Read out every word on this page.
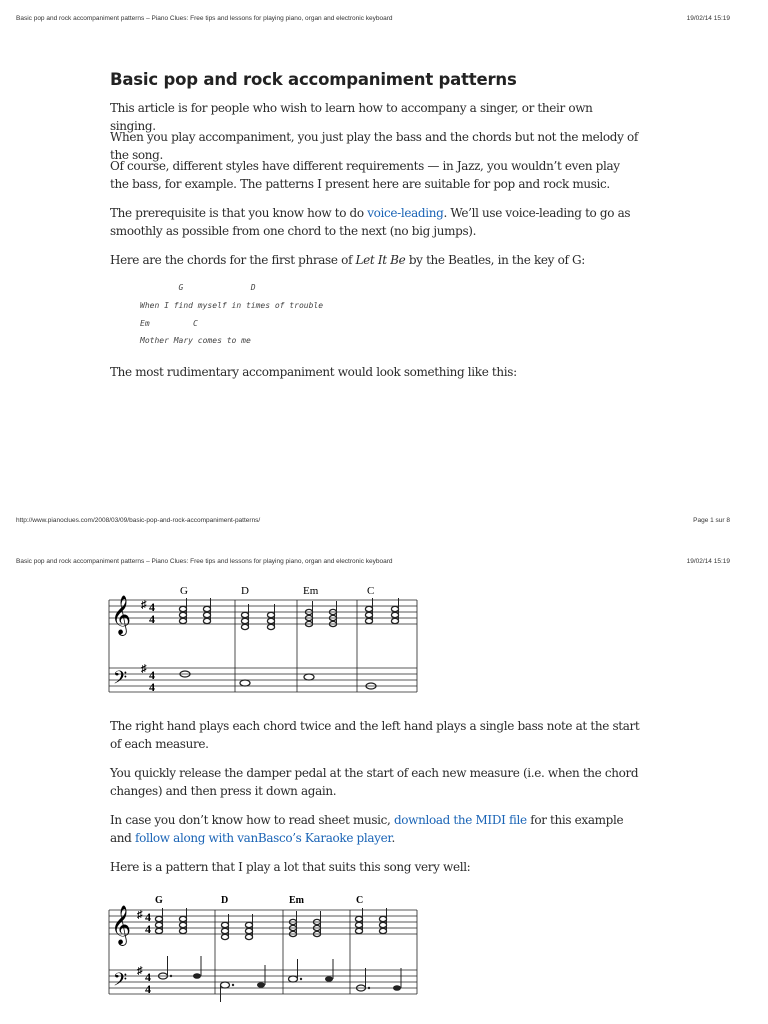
Basic pop and rock accompaniment patterns – Piano Clues: Free tips and lessons for playing piano, organ and electronic keyboard	19/02/14 15:19
Basic pop and rock accompaniment patterns

This article is for people who wish to learn how to accompany a singer, or their own singing.

When you play accompaniment, you just play the bass and the chords but not the melody of the song.

Of course, different styles have different requirements — in Jazz, you wouldn’t even play the bass, for example. The patterns I present here are suitable for pop and rock music.

The prerequisite is that you know how to do voice-leading. We’ll use voice-leading to go as smoothly as possible from one chord to the next (no big jumps).

Here are the chords for the first phrase of Let It Be by the Beatles, in the key of G:

G              D
When I find myself in times of trouble
Em         C
Mother Mary comes to me

The most rudimentary accompaniment would look something like this:

http://www.pianoclues.com/2008/03/09/basic-pop-and-rock-accompaniment-patterns/	Page 1 sur 8
Basic pop and rock accompaniment patterns – Piano Clues: Free tips and lessons for playing piano, organ and electronic keyboard	19/02/14 15:19
𝄞
𝄢
♯
♯
4
4
4
4
G	D	Em	C

The right hand plays each chord twice and the left hand plays a single bass note at the start of each measure.

You quickly release the damper pedal at the start of each new measure (i.e. when the chord changes) and then press it down again.

In case you don’t know how to read sheet music, download the MIDI file for this example and follow along with vanBasco’s Karaoke player.

Here is a pattern that I play a lot that suits this song very well:

𝄞
𝄢
♯
♯
4
4
4
4
G	D	Em	C
